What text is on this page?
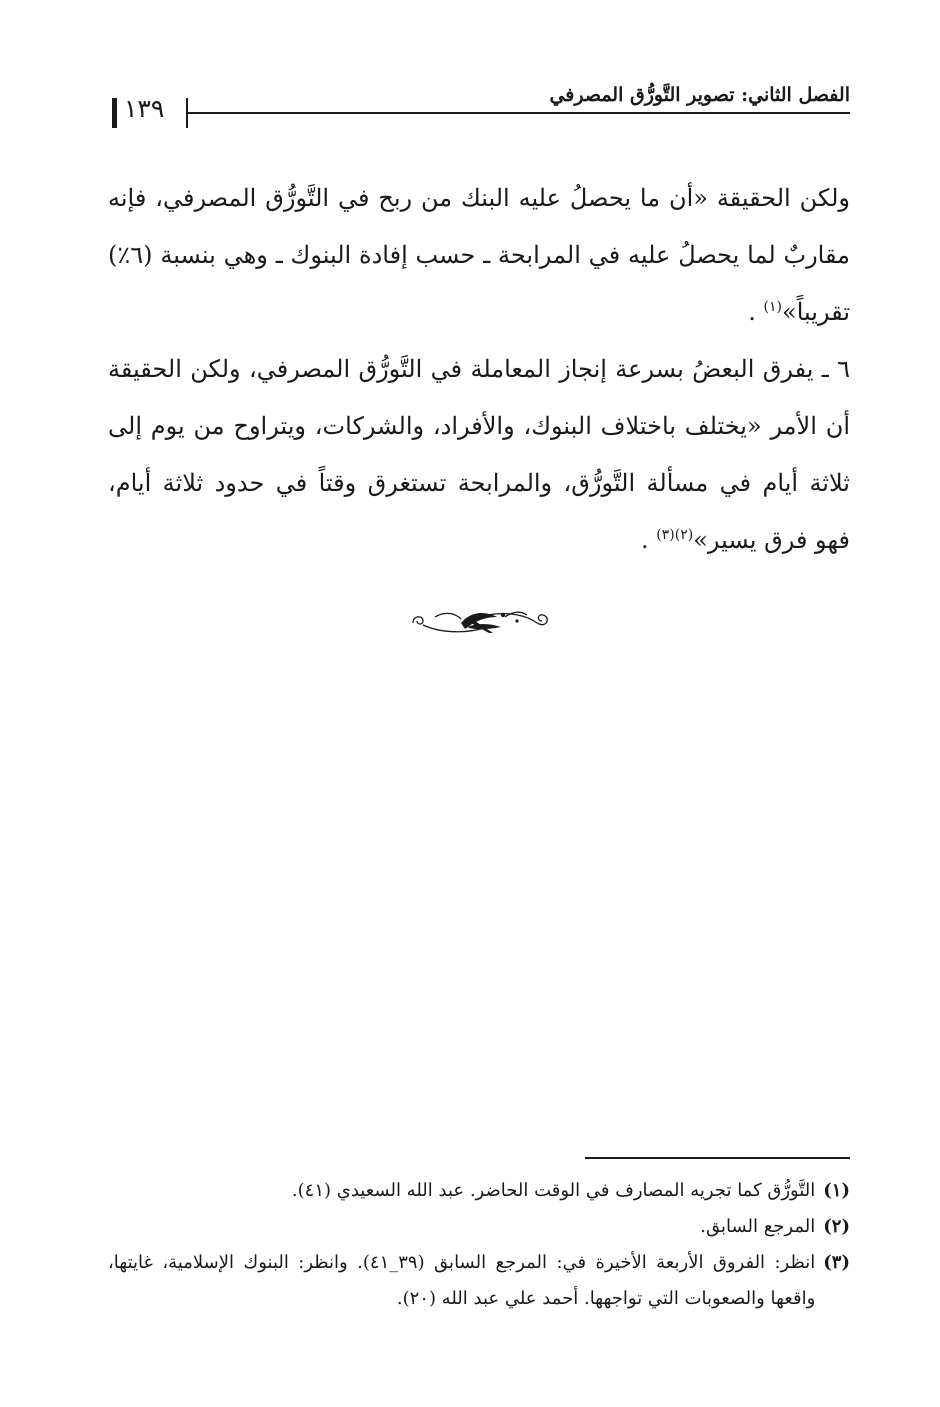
١٣٩	الفصل الثاني: تصوير التَّورُّق المصرفي

ولكن الحقيقة «أن ما يحصلُ عليه البنك من ربح في التَّورُّق المصرفي، فإنه مقاربٌ لما يحصلُ عليه في المرابحة ـ حسب إفادة البنوك ـ وهي بنسبة (٦٪) تقريباً»$^{(١)}$ .

٦ ـ يفرق البعضُ بسرعة إنجاز المعاملة في التَّورُّق المصرفي، ولكن الحقيقة أن الأمر «يختلف باختلاف البنوك، والأفراد، والشركات، ويتراوح من يوم إلى ثلاثة أيام في مسألة التَّورُّق، والمرابحة تستغرق وقتاً في حدود ثلاثة أيام، فهو فرق يسير»$^{(٢)(٣)}$ .

(١)
التَّورُّق كما تجريه المصارف في الوقت الحاضر. عبد الله السعيدي (٤١).

(٢)
المرجع السابق.

(٣)
انظر: الفروق الأربعة الأخيرة في: المرجع السابق (٣٩_٤١). وانظر: البنوك الإسلامية، غايتها، واقعها والصعوبات التي تواجهها. أحمد علي عبد الله (٢٠).
